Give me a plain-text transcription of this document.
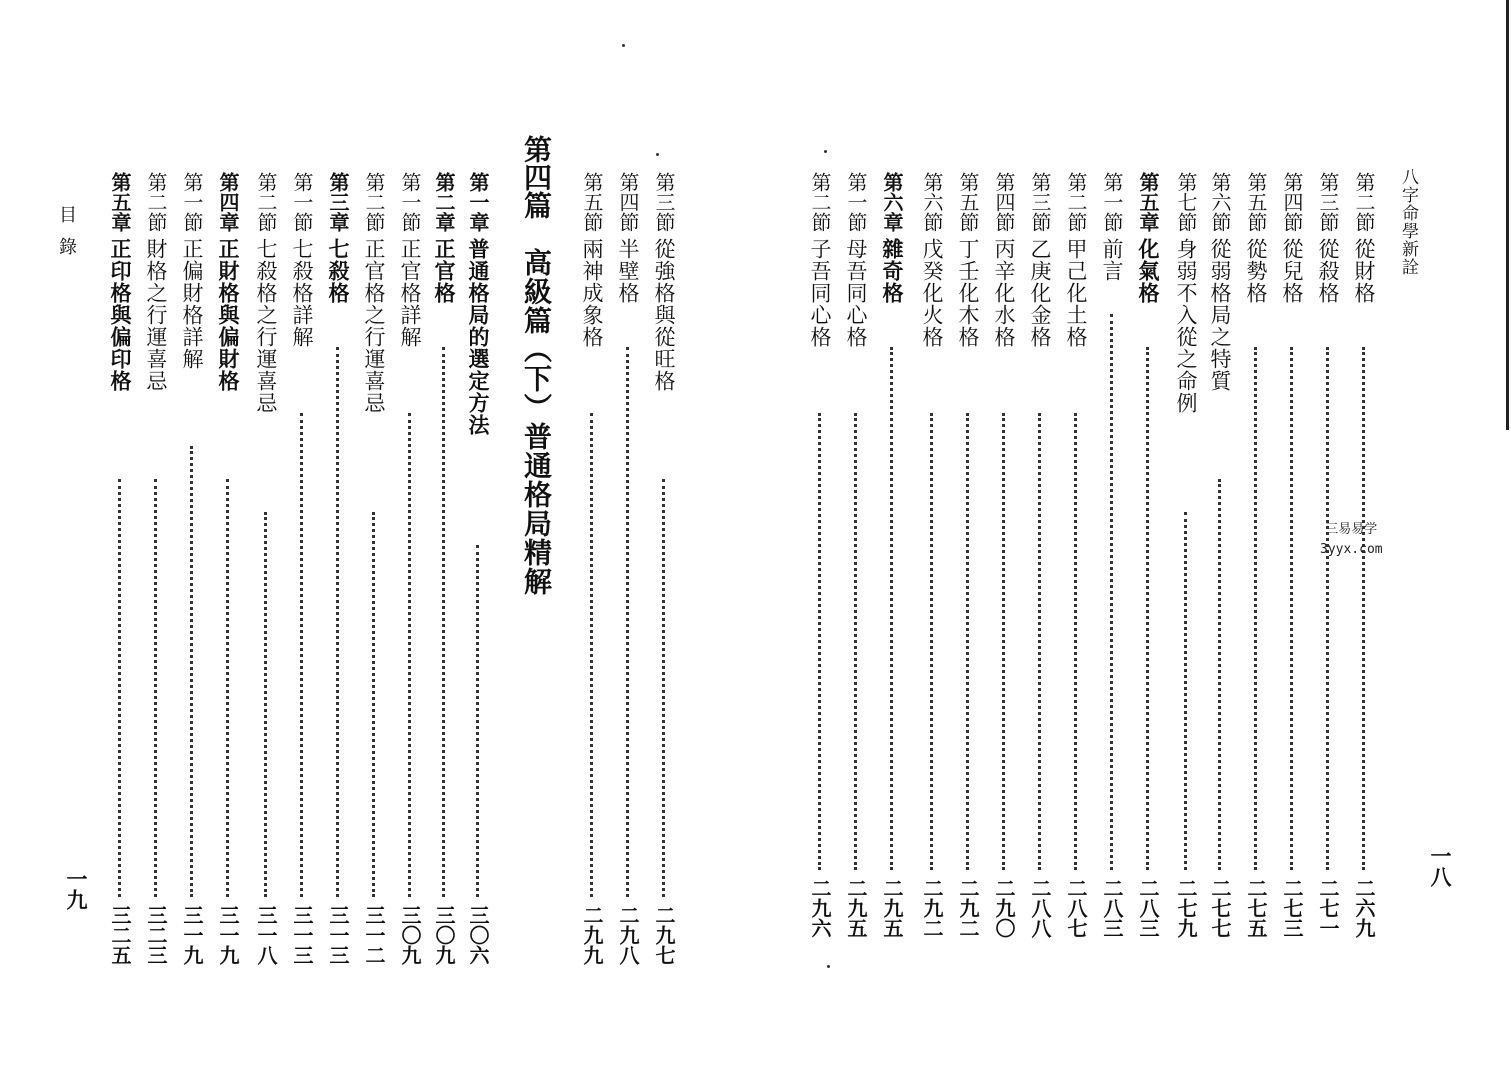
目錄
一九
第三節
從強格與從旺格
二九七
第四節
半壁格
二九八
第五節
兩神成象格
二九九
第四篇
高級篇（下）普通格局精解
第一章
普通格局的選定方法
三〇六
第二章
正官格
三〇九
第一節
正官格詳解
三〇九
第二節
正官格之行運喜忌
三一二
第三章
七殺格
三一三
第一節
七殺格詳解
三一三
第二節
七殺格之行運喜忌
三一八
第四章
正財格與偏財格
三一九
第一節
正偏財格詳解
三一九
第二節
財格之行運喜忌
三二三
第五章
正印格與偏印格
三二五
八字命學新詮
一八
第二節
從財格
二六九
第三節
從殺格
二七一
第四節
從兒格
二七三
第五節
從勢格
二七五
第六節
從弱格局之特質
二七七
第七節
身弱不入從之命例
二七九
第五章
化氣格
二八三
第一節
前言
二八三
第二節
甲己化土格
二八七
第三節
乙庚化金格
二八八
第四節
丙辛化水格
二九〇
第五節
丁壬化木格
二九二
第六節
戊癸化火格
二九二
第六章
雜奇格
二九五
第一節
母吾同心格
二九五
第二節
子吾同心格
二九六
三易易学
3yyx.com
